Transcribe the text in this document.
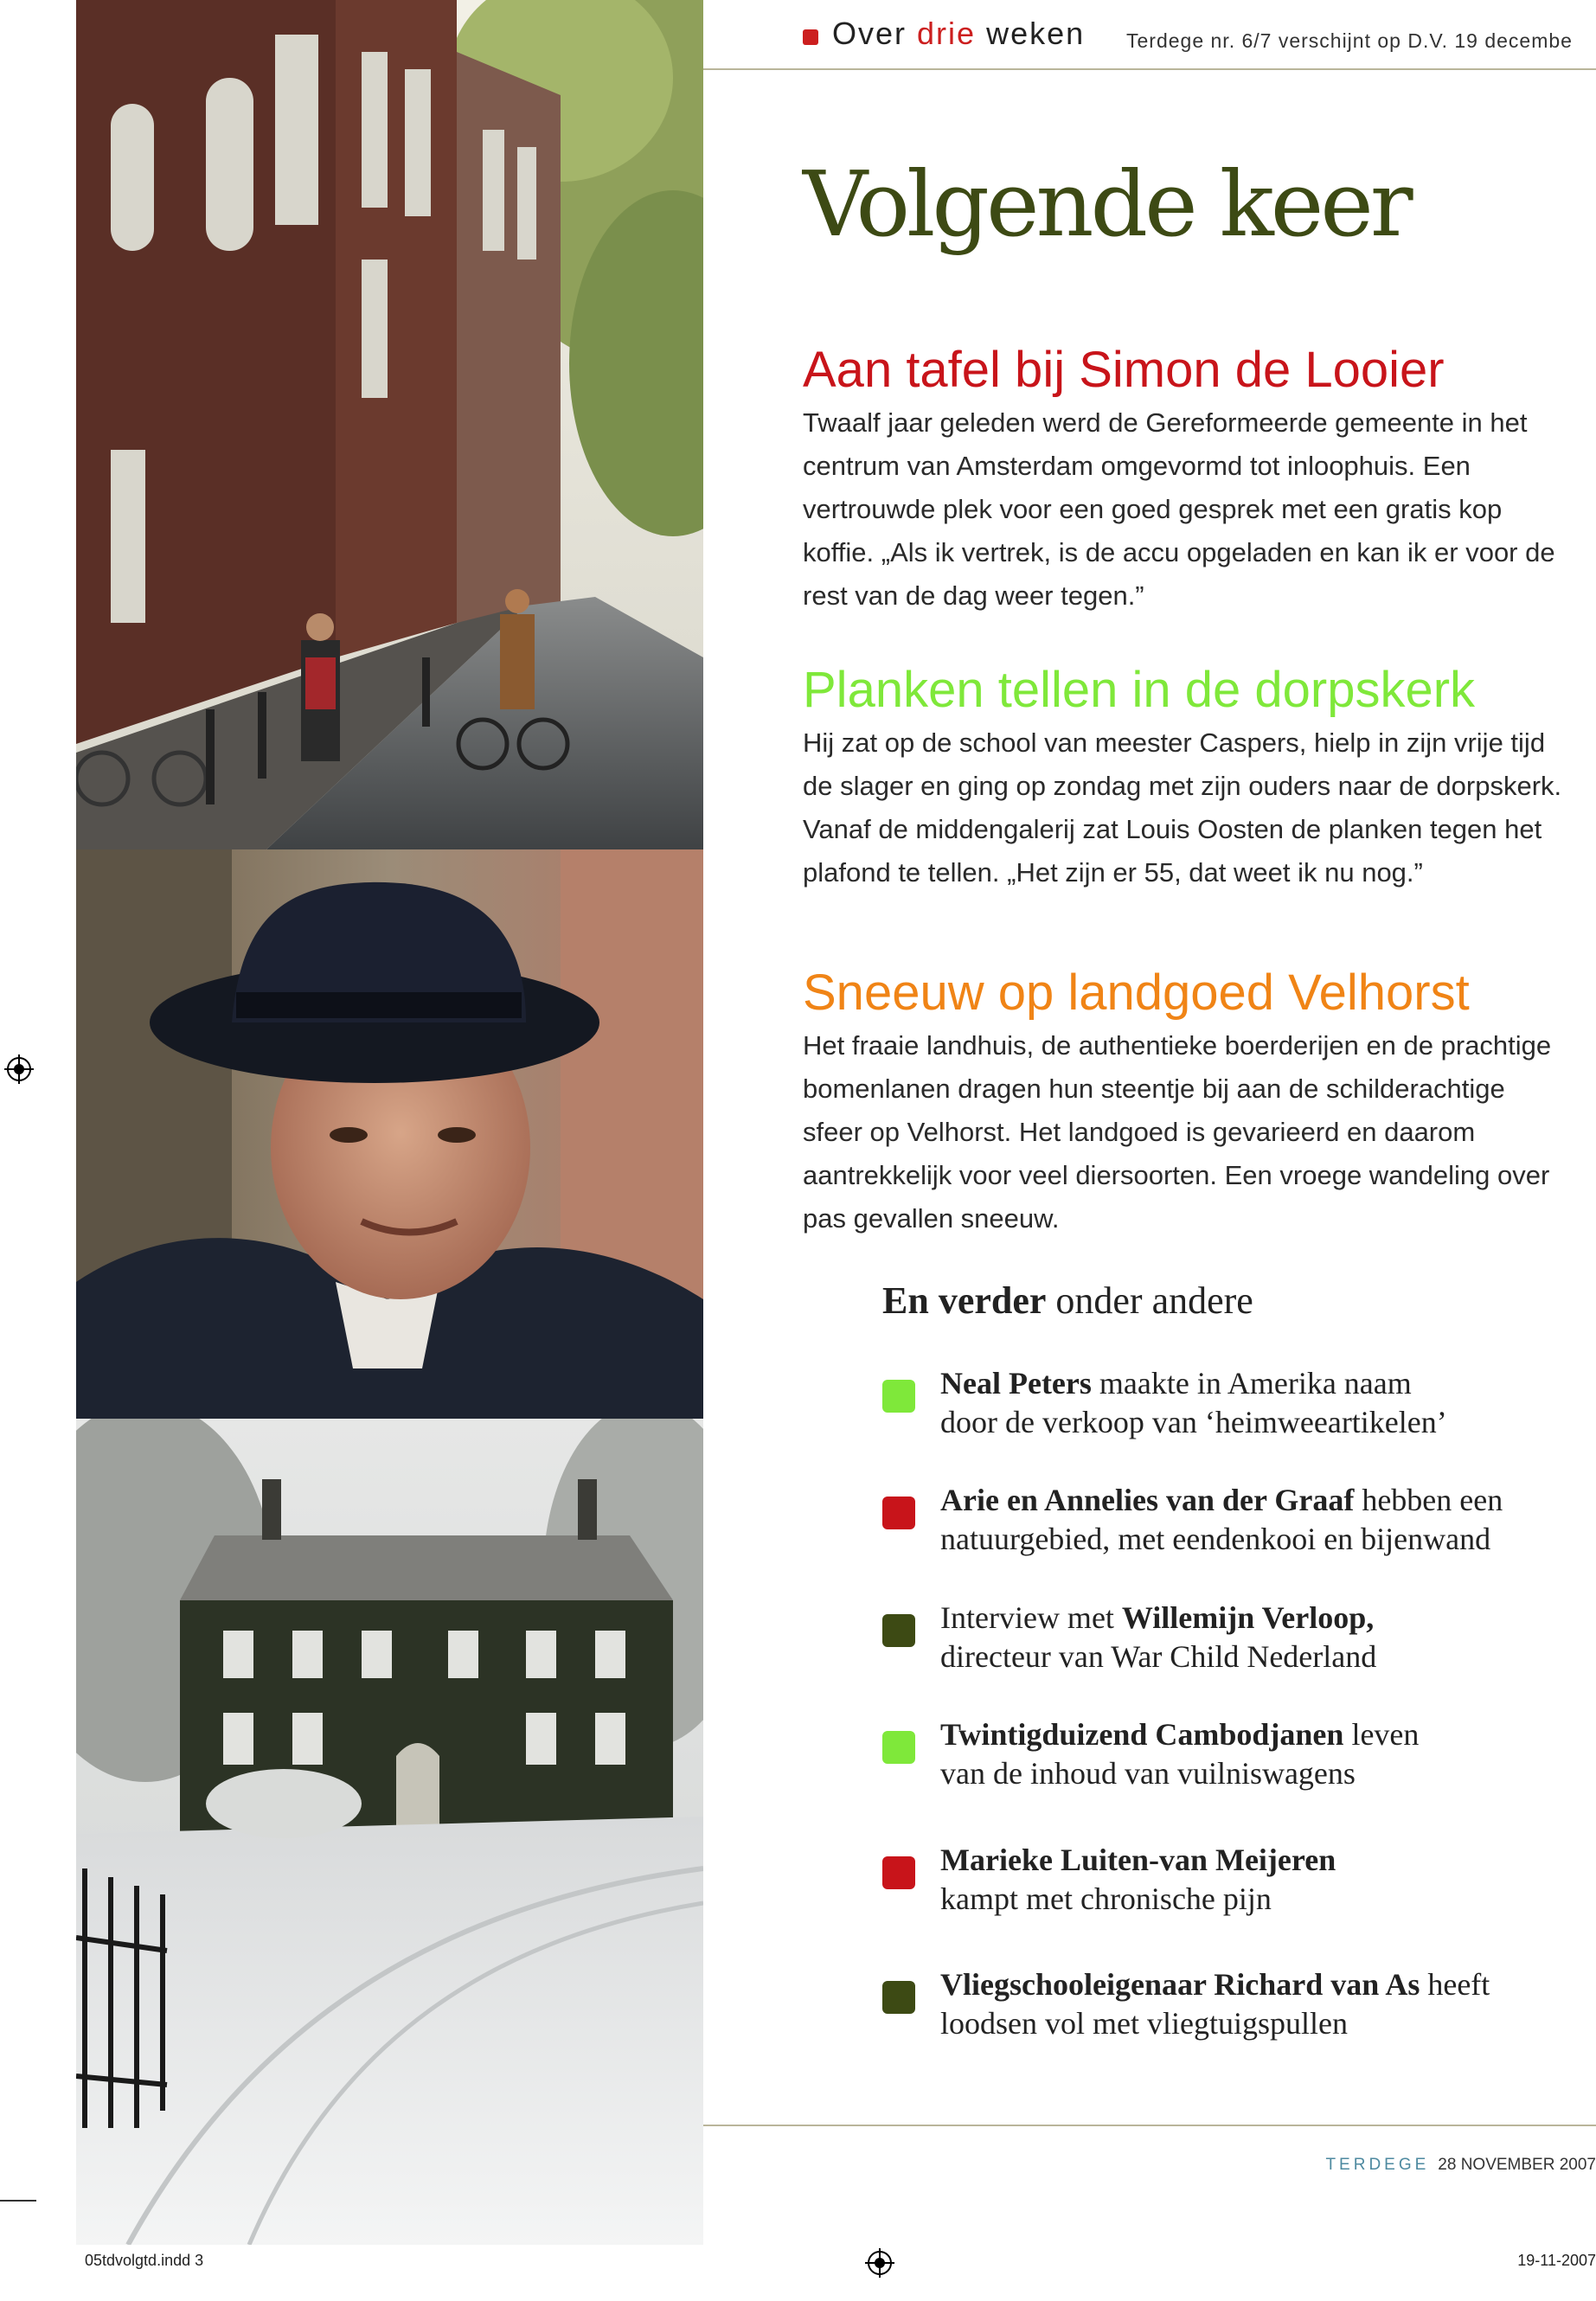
Over drie weken Terdege nr. 6/7 verschijnt op D.V. 19 decembe
Volgende keer
Aan tafel bij Simon de Looier

Twaalf jaar geleden werd de Gereformeerde gemeente in het centrum van Amsterdam omgevormd tot inloophuis. Een vertrouwde plek voor een goed gesprek met een gratis kop koffie. „Als ik vertrek, is de accu opgeladen en kan ik er voor de rest van de dag weer tegen.”

Planken tellen in de dorpskerk

Hij zat op de school van meester Caspers, hielp in zijn vrije tijd de slager en ging op zondag met zijn ouders naar de dorpskerk. Vanaf de middengalerij zat Louis Oosten de planken tegen het plafond te tellen. „Het zijn er 55, dat weet ik nu nog.”

Sneeuw op landgoed Velhorst

Het fraaie landhuis, de authentieke boerderijen en de prachtige bomenlanen dragen hun steentje bij aan de schilderachtige sfeer op Velhorst. Het landgoed is gevarieerd en daarom aantrekkelijk voor veel diersoorten. Een vroege wandeling over pas gevallen sneeuw.

En verder onder andere
Neal Peters maakte in Amerika naam
door de verkoop van ‘heimweeartikelen’
Arie en Annelies van der Graaf hebben een
natuurgebied, met eendenkooi en bijenwand
Interview met Willemijn Verloop,
directeur van War Child Nederland
Twintigduizend Cambodjanen leven
van de inhoud van vuilniswagens
Marieke Luiten-van Meijeren
kampt met chronische pijn
Vliegschooleigenaar Richard van As heeft
loodsen vol met vliegtuigspullen
TERDEGE 28 NOVEMBER 2007
05tdvolgtd.indd 3	19-11-2007
